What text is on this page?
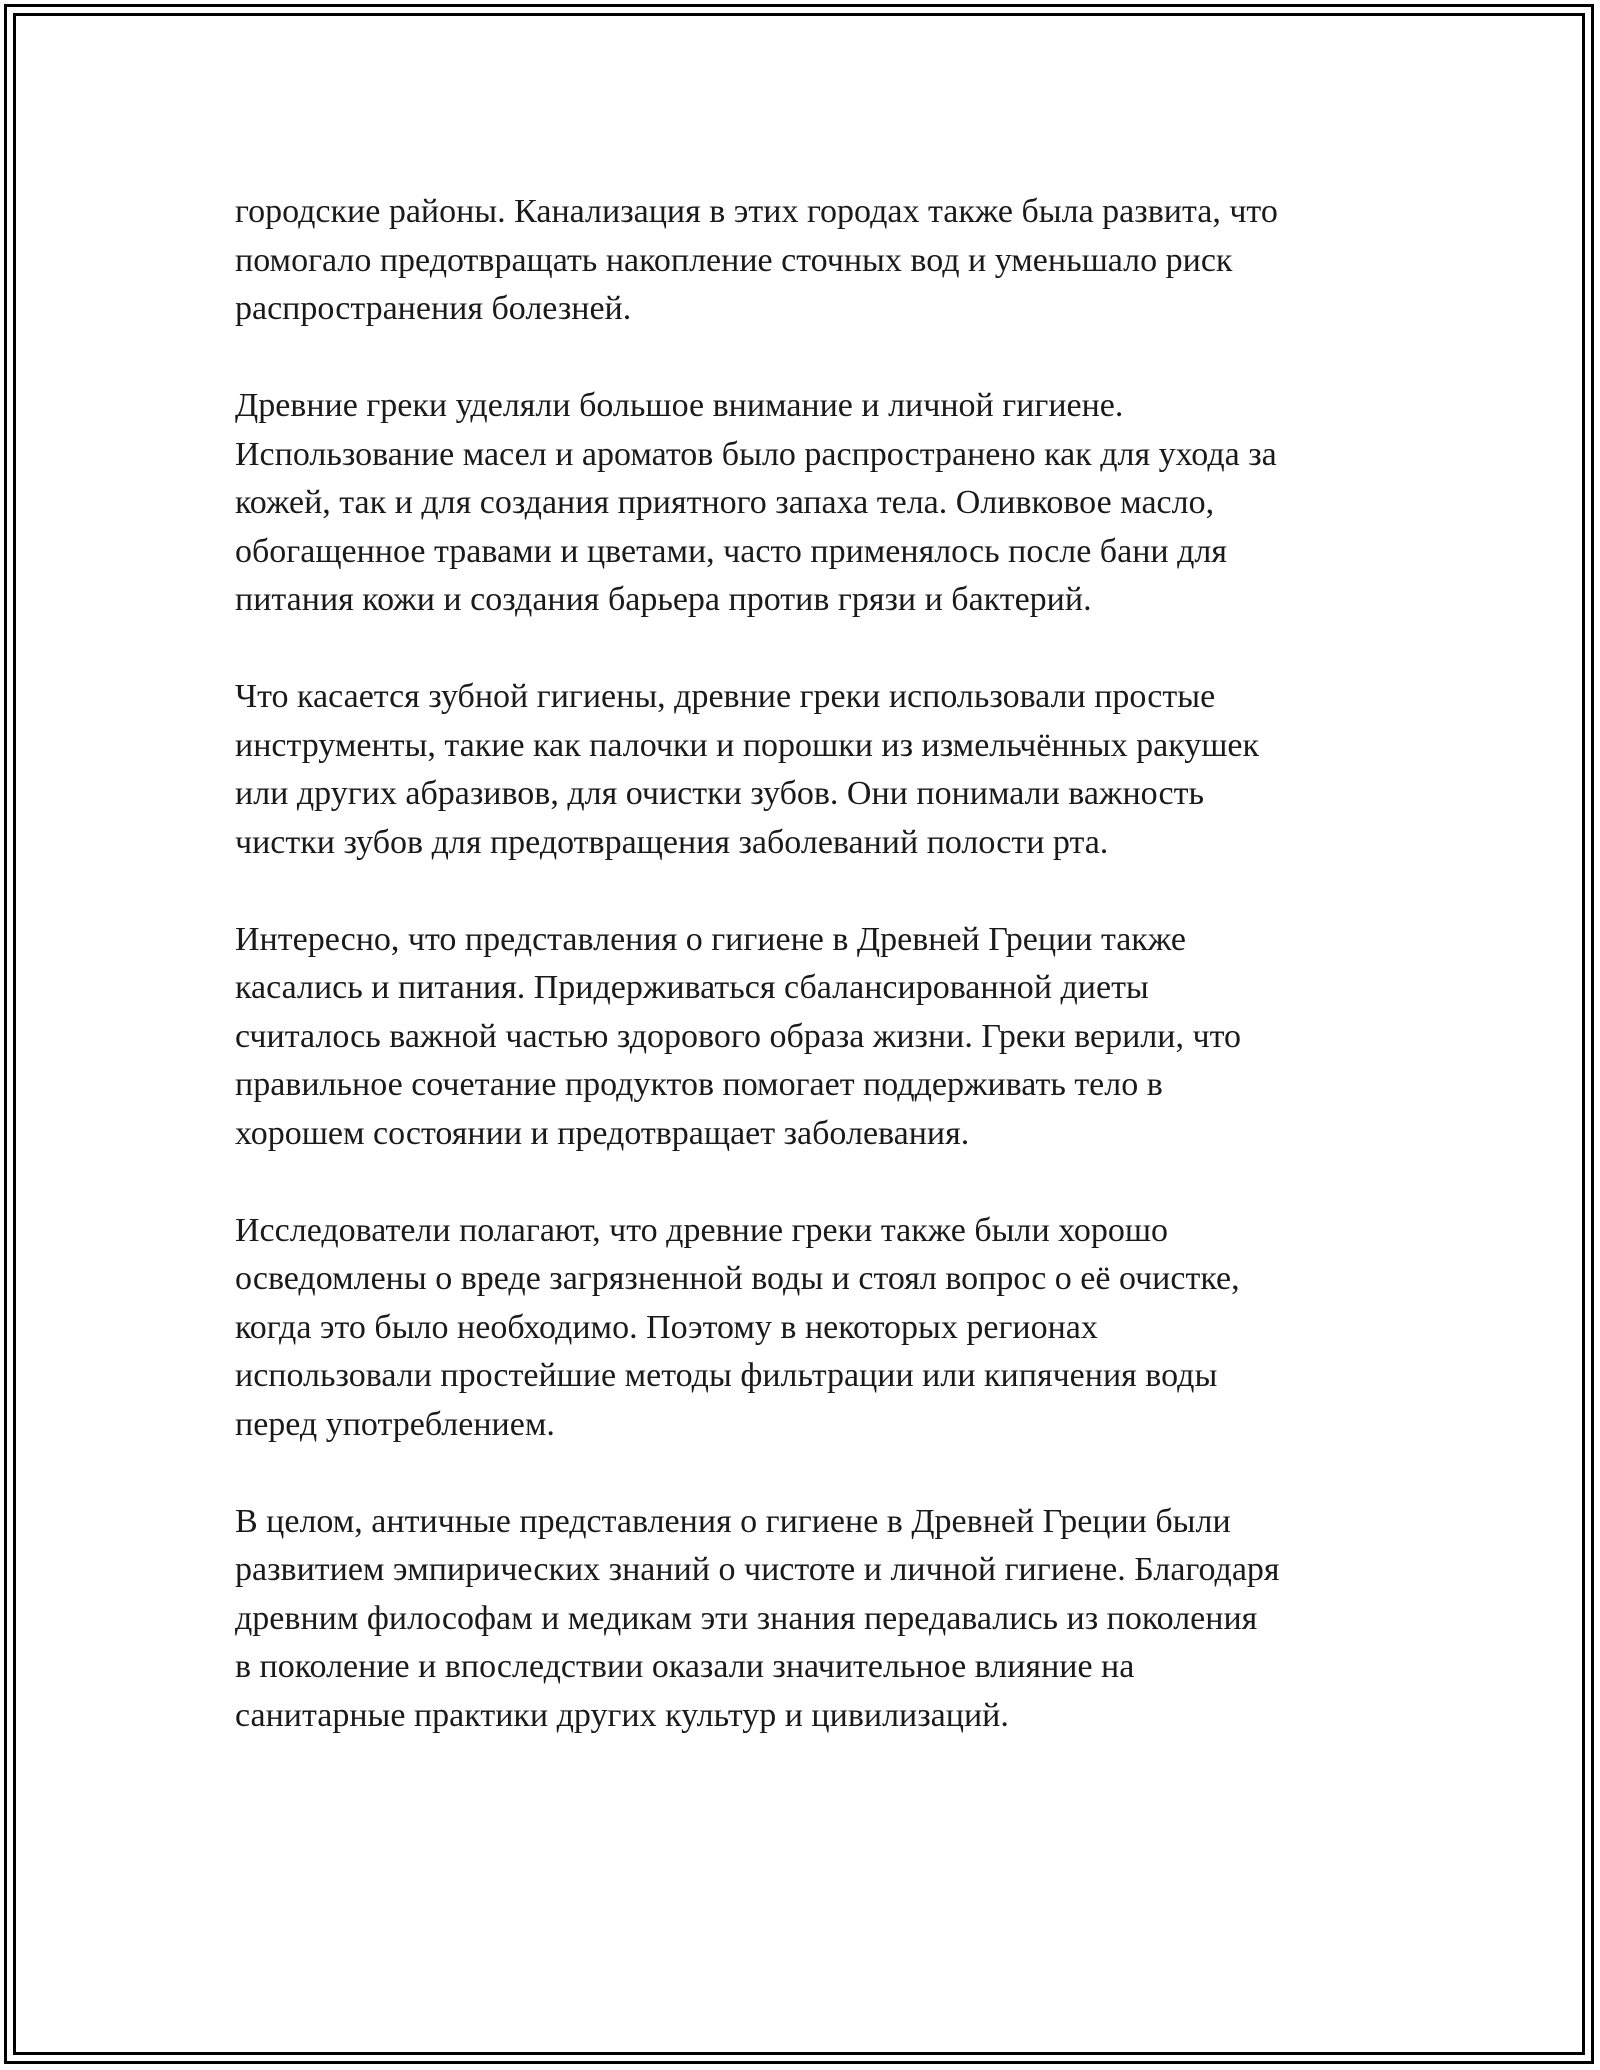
городские районы. Канализация в этих городах также была развита, что
помогало предотвращать накопление сточных вод и уменьшало риск
распространения болезней.

Древние греки уделяли большое внимание и личной гигиене.
Использование масел и ароматов было распространено как для ухода за
кожей, так и для создания приятного запаха тела. Оливковое масло,
обогащенное травами и цветами, часто применялось после бани для
питания кожи и создания барьера против грязи и бактерий.

Что касается зубной гигиены, древние греки использовали простые
инструменты, такие как палочки и порошки из измельчённых ракушек
или других абразивов, для очистки зубов. Они понимали важность
чистки зубов для предотвращения заболеваний полости рта.

Интересно, что представления о гигиене в Древней Греции также
касались и питания. Придерживаться сбалансированной диеты
считалось важной частью здорового образа жизни. Греки верили, что
правильное сочетание продуктов помогает поддерживать тело в
хорошем состоянии и предотвращает заболевания.

Исследователи полагают, что древние греки также были хорошо
осведомлены о вреде загрязненной воды и стоял вопрос о её очистке,
когда это было необходимо. Поэтому в некоторых регионах
использовали простейшие методы фильтрации или кипячения воды
перед употреблением.

В целом, античные представления о гигиене в Древней Греции были
развитием эмпирических знаний о чистоте и личной гигиене. Благодаря
древним философам и медикам эти знания передавались из поколения
в поколение и впоследствии оказали значительное влияние на
санитарные практики других культур и цивилизаций.
